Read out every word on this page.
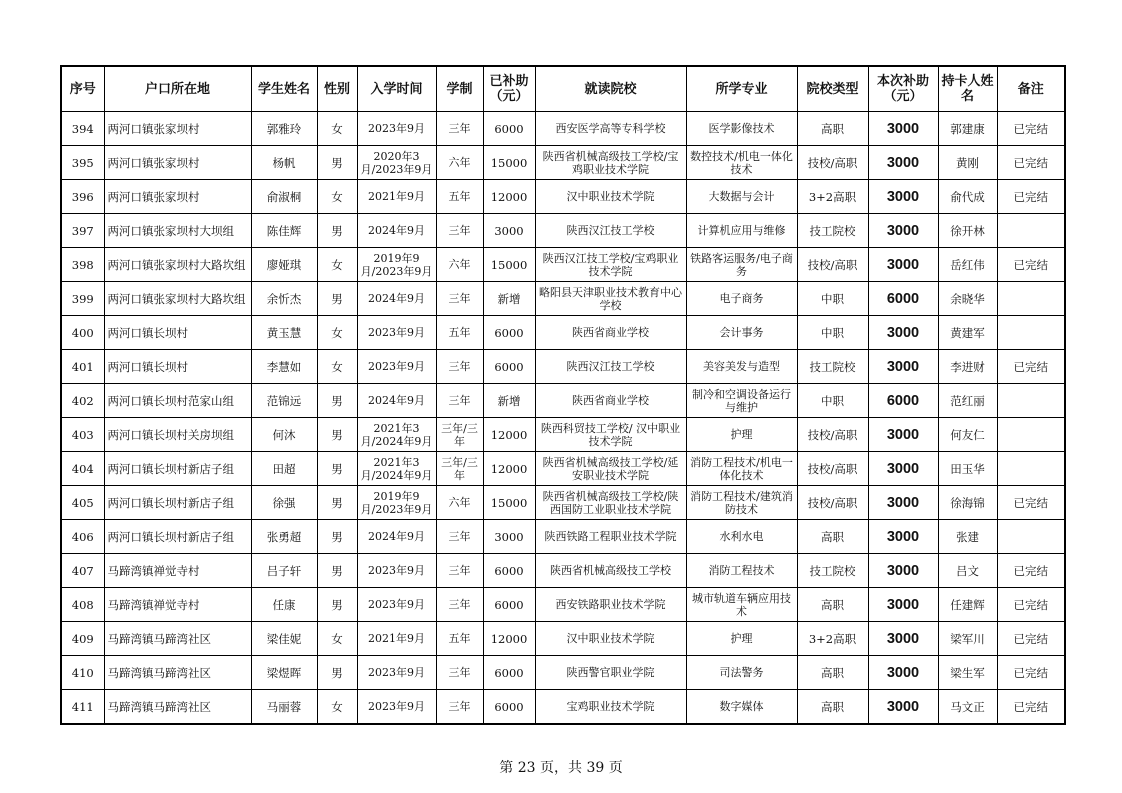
序号	户口所在地	学生姓名	性别	入学时间	学制	已补助（元）	就读院校	所学专业	院校类型	本次补助（元）	持卡人姓名	备注
394	两河口镇张家坝村	郭雅玲	女	2023年9月	三年	6000	西安医学高等专科学校	医学影像技术	高职	3000	郭建康	已完结
395	两河口镇张家坝村	杨帆	男	2020年3月/2023年9月	六年	15000	陕西省机械高级技工学校/宝鸡职业技术学院	数控技术/机电一体化技术	技校/高职	3000	黄刚	已完结
396	两河口镇张家坝村	俞淑桐	女	2021年9月	五年	12000	汉中职业技术学院	大数据与会计	3+2高职	3000	俞代成	已完结
397	两河口镇张家坝村大坝组	陈佳辉	男	2024年9月	三年	3000	陕西汉江技工学校	计算机应用与维修	技工院校	3000	徐开林	
398	两河口镇张家坝村大路坎组	廖娅琪	女	2019年9月/2023年9月	六年	15000	陕西汉江技工学校/宝鸡职业技术学院	铁路客运服务/电子商务	技校/高职	3000	岳红伟	已完结
399	两河口镇张家坝村大路坎组	余忻杰	男	2024年9月	三年	新增	略阳县天津职业技术教育中心学校	电子商务	中职	6000	余晓华	
400	两河口镇长坝村	黄玉慧	女	2023年9月	五年	6000	陕西省商业学校	会计事务	中职	3000	黄建军	
401	两河口镇长坝村	李慧如	女	2023年9月	三年	6000	陕西汉江技工学校	美容美发与造型	技工院校	3000	李进财	已完结
402	两河口镇长坝村范家山组	范锦远	男	2024年9月	三年	新增	陕西省商业学校	制冷和空调设备运行与维护	中职	6000	范红丽	
403	两河口镇长坝村关房坝组	何沐	男	2021年3月/2024年9月	三年/三年	12000	陕西科贸技工学校/ 汉中职业技术学院	护理	技校/高职	3000	何友仁	
404	两河口镇长坝村新店子组	田超	男	2021年3月/2024年9月	三年/三年	12000	陕西省机械高级技工学校/延安职业技术学院	消防工程技术/机电一体化技术	技校/高职	3000	田玉华	
405	两河口镇长坝村新店子组	徐强	男	2019年9月/2023年9月	六年	15000	陕西省机械高级技工学校/陕西国防工业职业技术学院	消防工程技术/建筑消防技术	技校/高职	3000	徐海锦	已完结
406	两河口镇长坝村新店子组	张勇超	男	2024年9月	三年	3000	陕西铁路工程职业技术学院	水利水电	高职	3000	张建	
407	马蹄湾镇禅觉寺村	吕子轩	男	2023年9月	三年	6000	陕西省机械高级技工学校	消防工程技术	技工院校	3000	吕文	已完结
408	马蹄湾镇禅觉寺村	任康	男	2023年9月	三年	6000	西安铁路职业技术学院	城市轨道车辆应用技术	高职	3000	任建辉	已完结
409	马蹄湾镇马蹄湾社区	梁佳妮	女	2021年9月	五年	12000	汉中职业技术学院	护理	3+2高职	3000	梁军川	已完结
410	马蹄湾镇马蹄湾社区	梁煜晖	男	2023年9月	三年	6000	陕西警官职业学院	司法警务	高职	3000	梁生军	已完结
411	马蹄湾镇马蹄湾社区	马丽蓉	女	2023年9月	三年	6000	宝鸡职业技术学院	数字媒体	高职	3000	马文正	已完结
第 23 页，共 39 页
